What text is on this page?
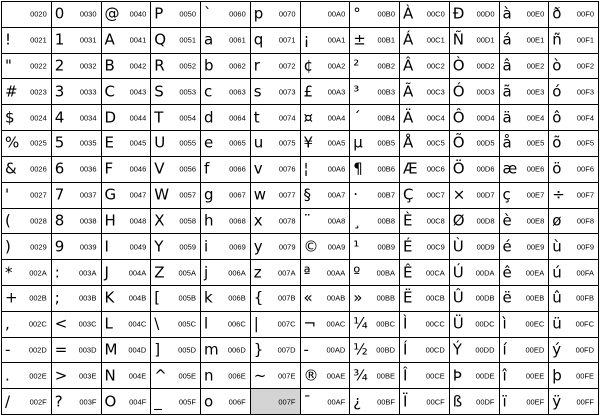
0020 0 0030 @ 0040 P 0050 ` 0060 p 0070	00A0 ° 00B0 À 00C0 Ð 00D0 à 00E0 ð 00F0
!	0021 1 0031 A 0041 Q 0051 a 0061 q 0071 ¡ 00A1 ± 00B1 Á 00C1 Ñ 00D1 á 00E1 ñ 00F1
" 0022 2 0032 B 0042 R 0052 b 0062 r	0072 ¢ 00A2 ² 00B2 Â 00C2 Ò 00D2 â 00E2 ò 00F2
# 0023 3 0033 C 0043 S 0053 c 0063 s 0073 £ 00A3 ³ 00B3 Ã 00C3 Ó 00D3 ã 00E3 ó 00F3
$ 0024 4 0034 D 0044 T 0054 d 0064 t	0074 ¤ 00A4 ´ 00B4 Ä 00C4 Ô 00D4 ä 00E4 ô 00F4
% 0025 5 0035 E 0045 U 0055 e 0065 u 0075 ¥ 00A5 µ 00B5 Å 00C5 Õ 00D5 å 00E5 õ 00F5
& 0026 6 0036 F 0046 V 0056 f	0066 v 0076 ¦	00A6 ¶ 00B6 Æ 00C6 Ö 00D6 æ 00E6 ö 00F6
'	0027 7 0037 G 0047 W 0057 g 0067 w 0077 § 00A7 ·	00B7 Ç 00C7 × 00D7 ç 00E7 ÷ 00F7
(	0028 8 0038 H 0048 X 0058 h 0068 x 0078 ¨ 00A8 ¸ 00B8 È 00C8 Ø 00D8 è 00E8 ø 00F8
)	0029 9 0039 I	0049 Y 0059 i	0069 y 0079 © 00A9 ¹ 00B9 É 00C9 Ù 00D9 é 00E9 ù 00F9
* 002A :	003A J	004A Z 005A j	006A z 007A ª 00AA º 00BA Ê 00CA Ú 00DA ê 00EA ú 00FA
+ 002B ;	003B K 004B [ 005B k 006B { 007B « 00AB » 00BB Ë 00CB Û 00DB ë 00EB û 00FB
,	002C < 003C L 004C \	005C l	006C |	007C ¬ 00AC ¼ 00BC Ì 00CC Ü 00DC ì	00EC ü 00FC
- 002D = 003D M 004D ] 005D m 006D } 007D - 00AD ½ 00BD Í 00CD Ý 00DD í	00ED ý 00FD
.	002E > 003E N 004E ^ 005E n 006E ~ 007E ® 00AE ¾ 00BE Î 00CE Þ 00DE î	00EE þ 00FE
/	002F ? 003F O 004F _ 005F o 006F	007F ¯ 00AF ¿ 00BF Ï	00CF ß 00DF ï	00EF ÿ 00FF
